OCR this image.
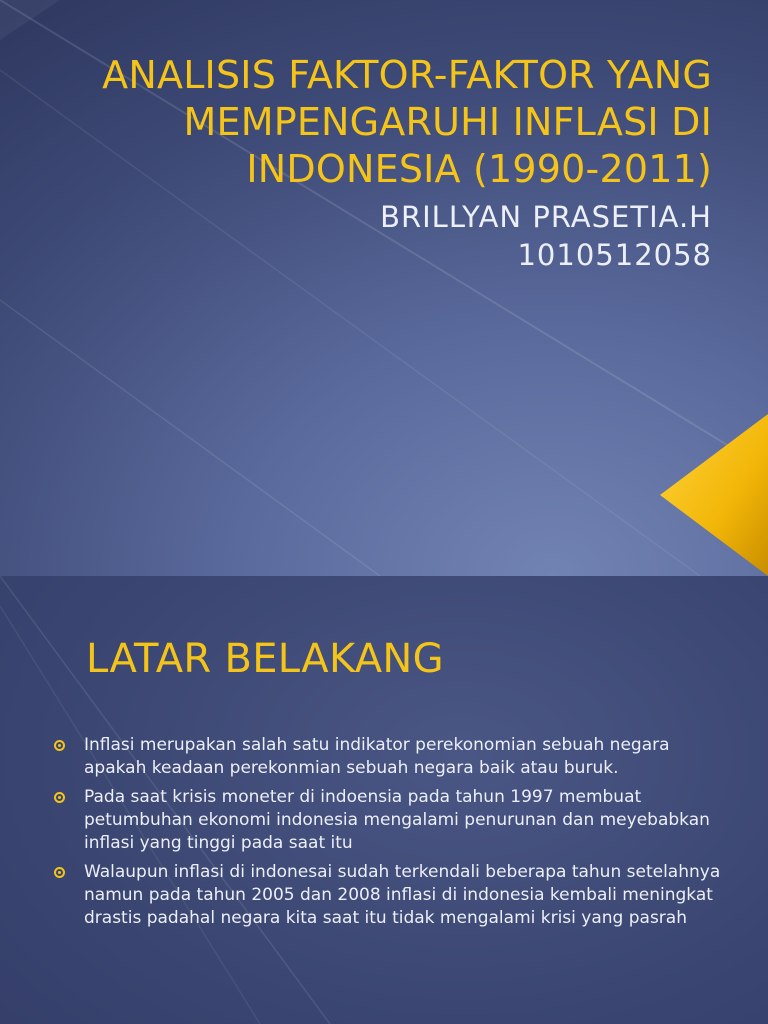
ANALISIS FAKTOR-FAKTOR YANG MEMPENGARUHI INFLASI DI INDONESIA (1990-2011)
BRILLYAN PRASETIA.H
1010512058
LATAR BELAKANG
Inflasi merupakan salah satu indikator perekonomian sebuah negara apakah keadaan perekonmian sebuah negara baik atau buruk.
Pada saat krisis moneter di indoensia pada tahun 1997 membuat petumbuhan ekonomi indonesia mengalami penurunan dan meyebabkan inflasi yang tinggi pada saat itu
Walaupun inflasi di indonesai sudah terkendali beberapa tahun setelahnya namun pada tahun 2005 dan 2008 inflasi di indonesia kembali meningkat drastis padahal negara kita saat itu tidak mengalami krisi yang pasrah
